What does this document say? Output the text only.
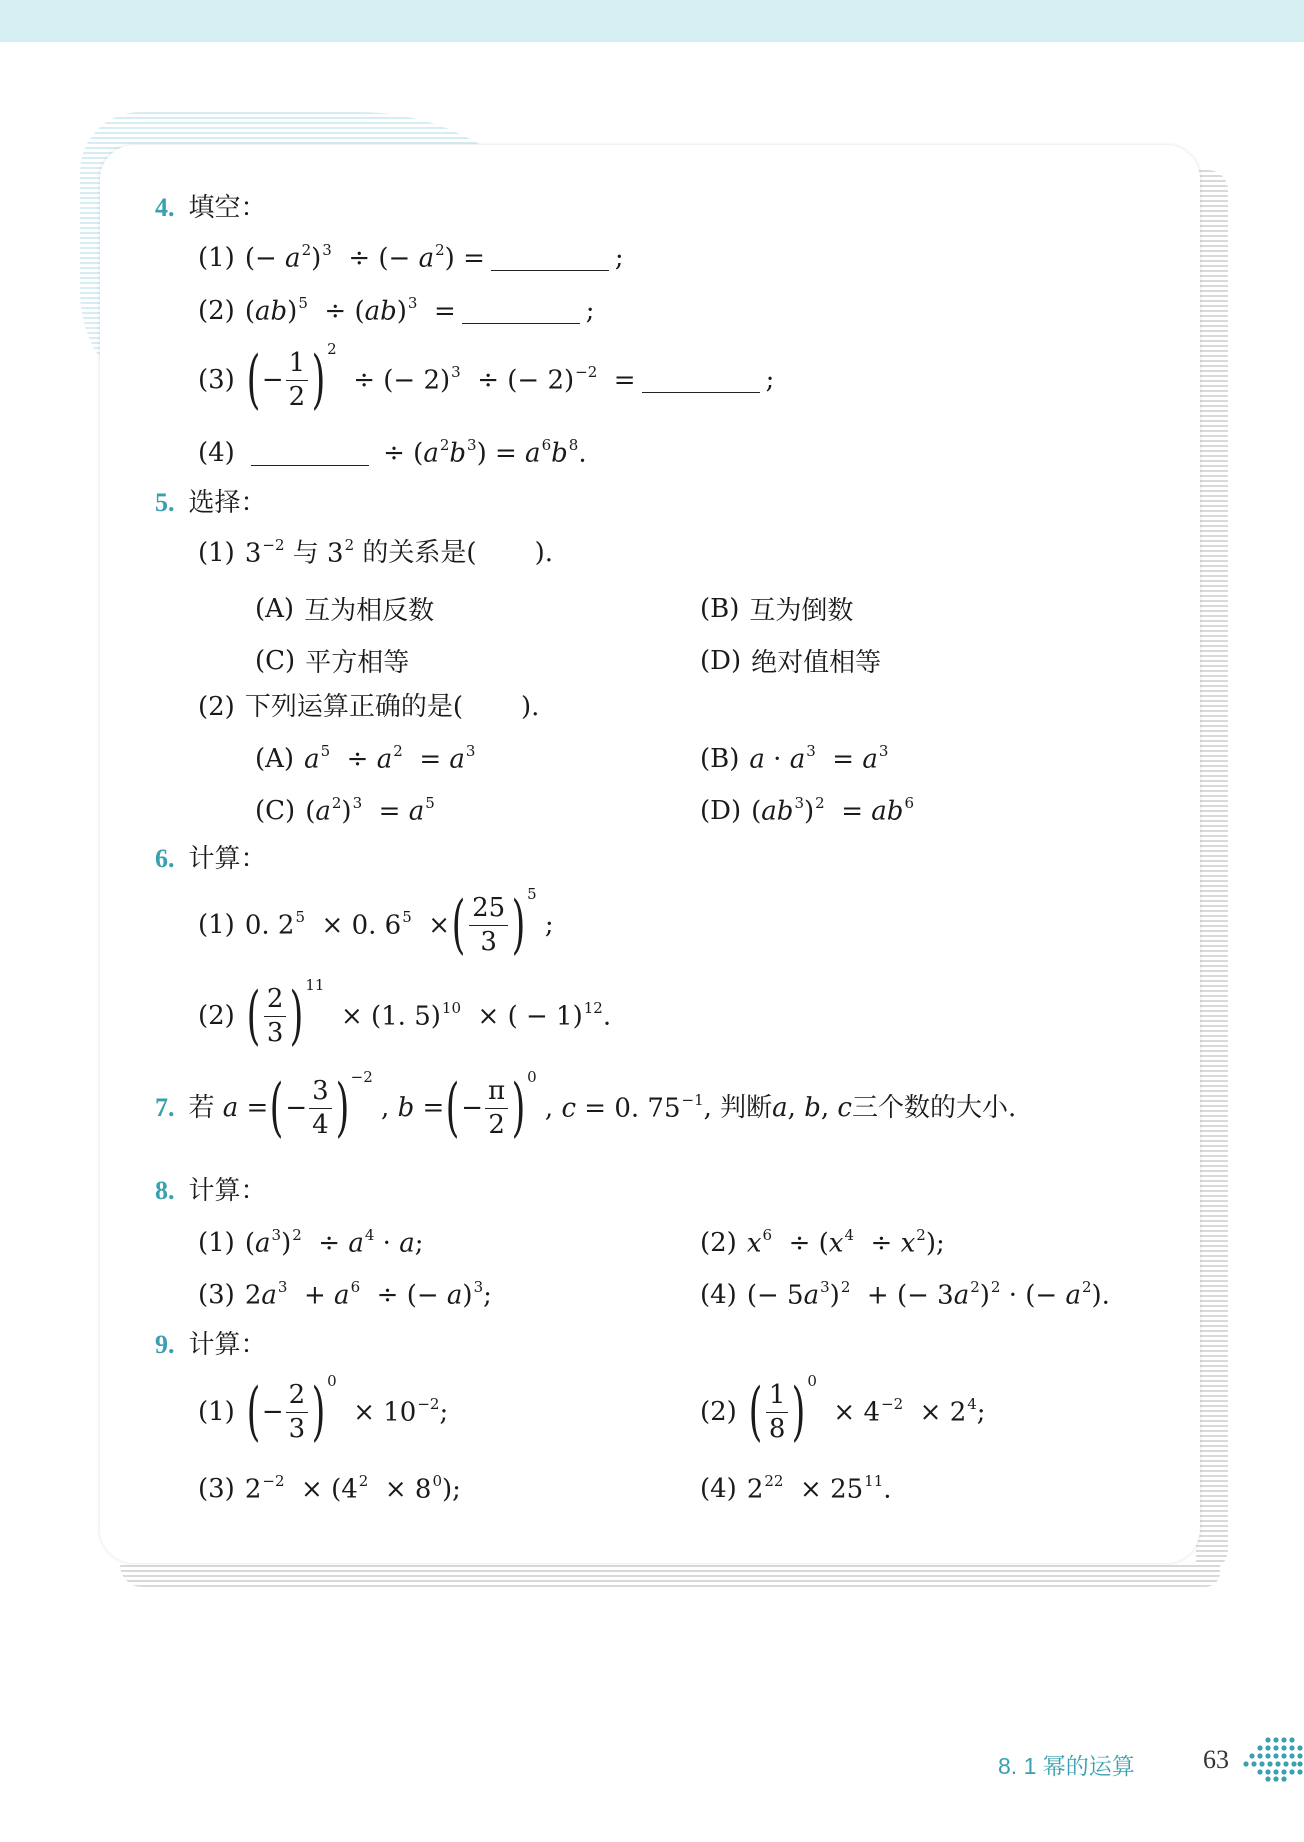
4. 填空：
(1) (− $a^2)^3$  ÷ (− $a^2$) =	;
(2) (ab)$^5$  ÷ (ab)$^3$  =	;
(3) ( − $\frac{1}{2}$ ) 2
÷ (− 2)$^3$  ÷ (− 2)$^{-2}$  =	;
(4)	÷ $(a^2b^3) = a^6b^8$.
5. 选择：
(1) $3^{-2}$ 与 $3^2$ 的关系是( ).
(A) 互为相反数	(B) 互为倒数
(C) 平方相等	(D) 绝对值相等
(2) 下列运算正确的是( ).
(A) $a^5 \div a^2 = a^3$	(B) $a \cdot a^3 = a^3$
(C) $(a^2)^3 = a^5$	(D) $(ab^3)^2 = ab^6$
6. 计算：
(1) 0. $2^5 \times 0$. $6^5$  × ( $\frac{25}{3}$ ) 5
;
(2) ( $\frac{2}{3}$ ) 11
× (1. 5)$^{10}$  × ( − 1)$^{12}$.
7. 若 a = ( − $\frac{3}{4}$ ) −2
, b = ( − $\frac{\pi}{2}$ ) 0
, c = 0. $75^{-1}$ , 判断 a, b, c 三个数的大小.
8. 计算：
(1) $(a^3)^2 \div a^4 \cdot a$;	(2) $x^6 \div (x^4 \div x^2)$;
(3) $2a^3 + a^6$  ÷ (− a)$^3$;	(4) (− $5a^3)^2$  + (− $3a^2)^2$ · (− $a^2$).
9. 计算：
(1) ( − $\frac{2}{3}$ ) 0
× $10^{-2}$;	(2) ( $\frac{1}{8}$ ) 0
× $4^{-2} \times 2^4$;
(3) $2^{-2} \times (4^2 \times 8^0)$;	(4) $2^{22} \times 25^{11}$.
8. 1 幂的运算	63
